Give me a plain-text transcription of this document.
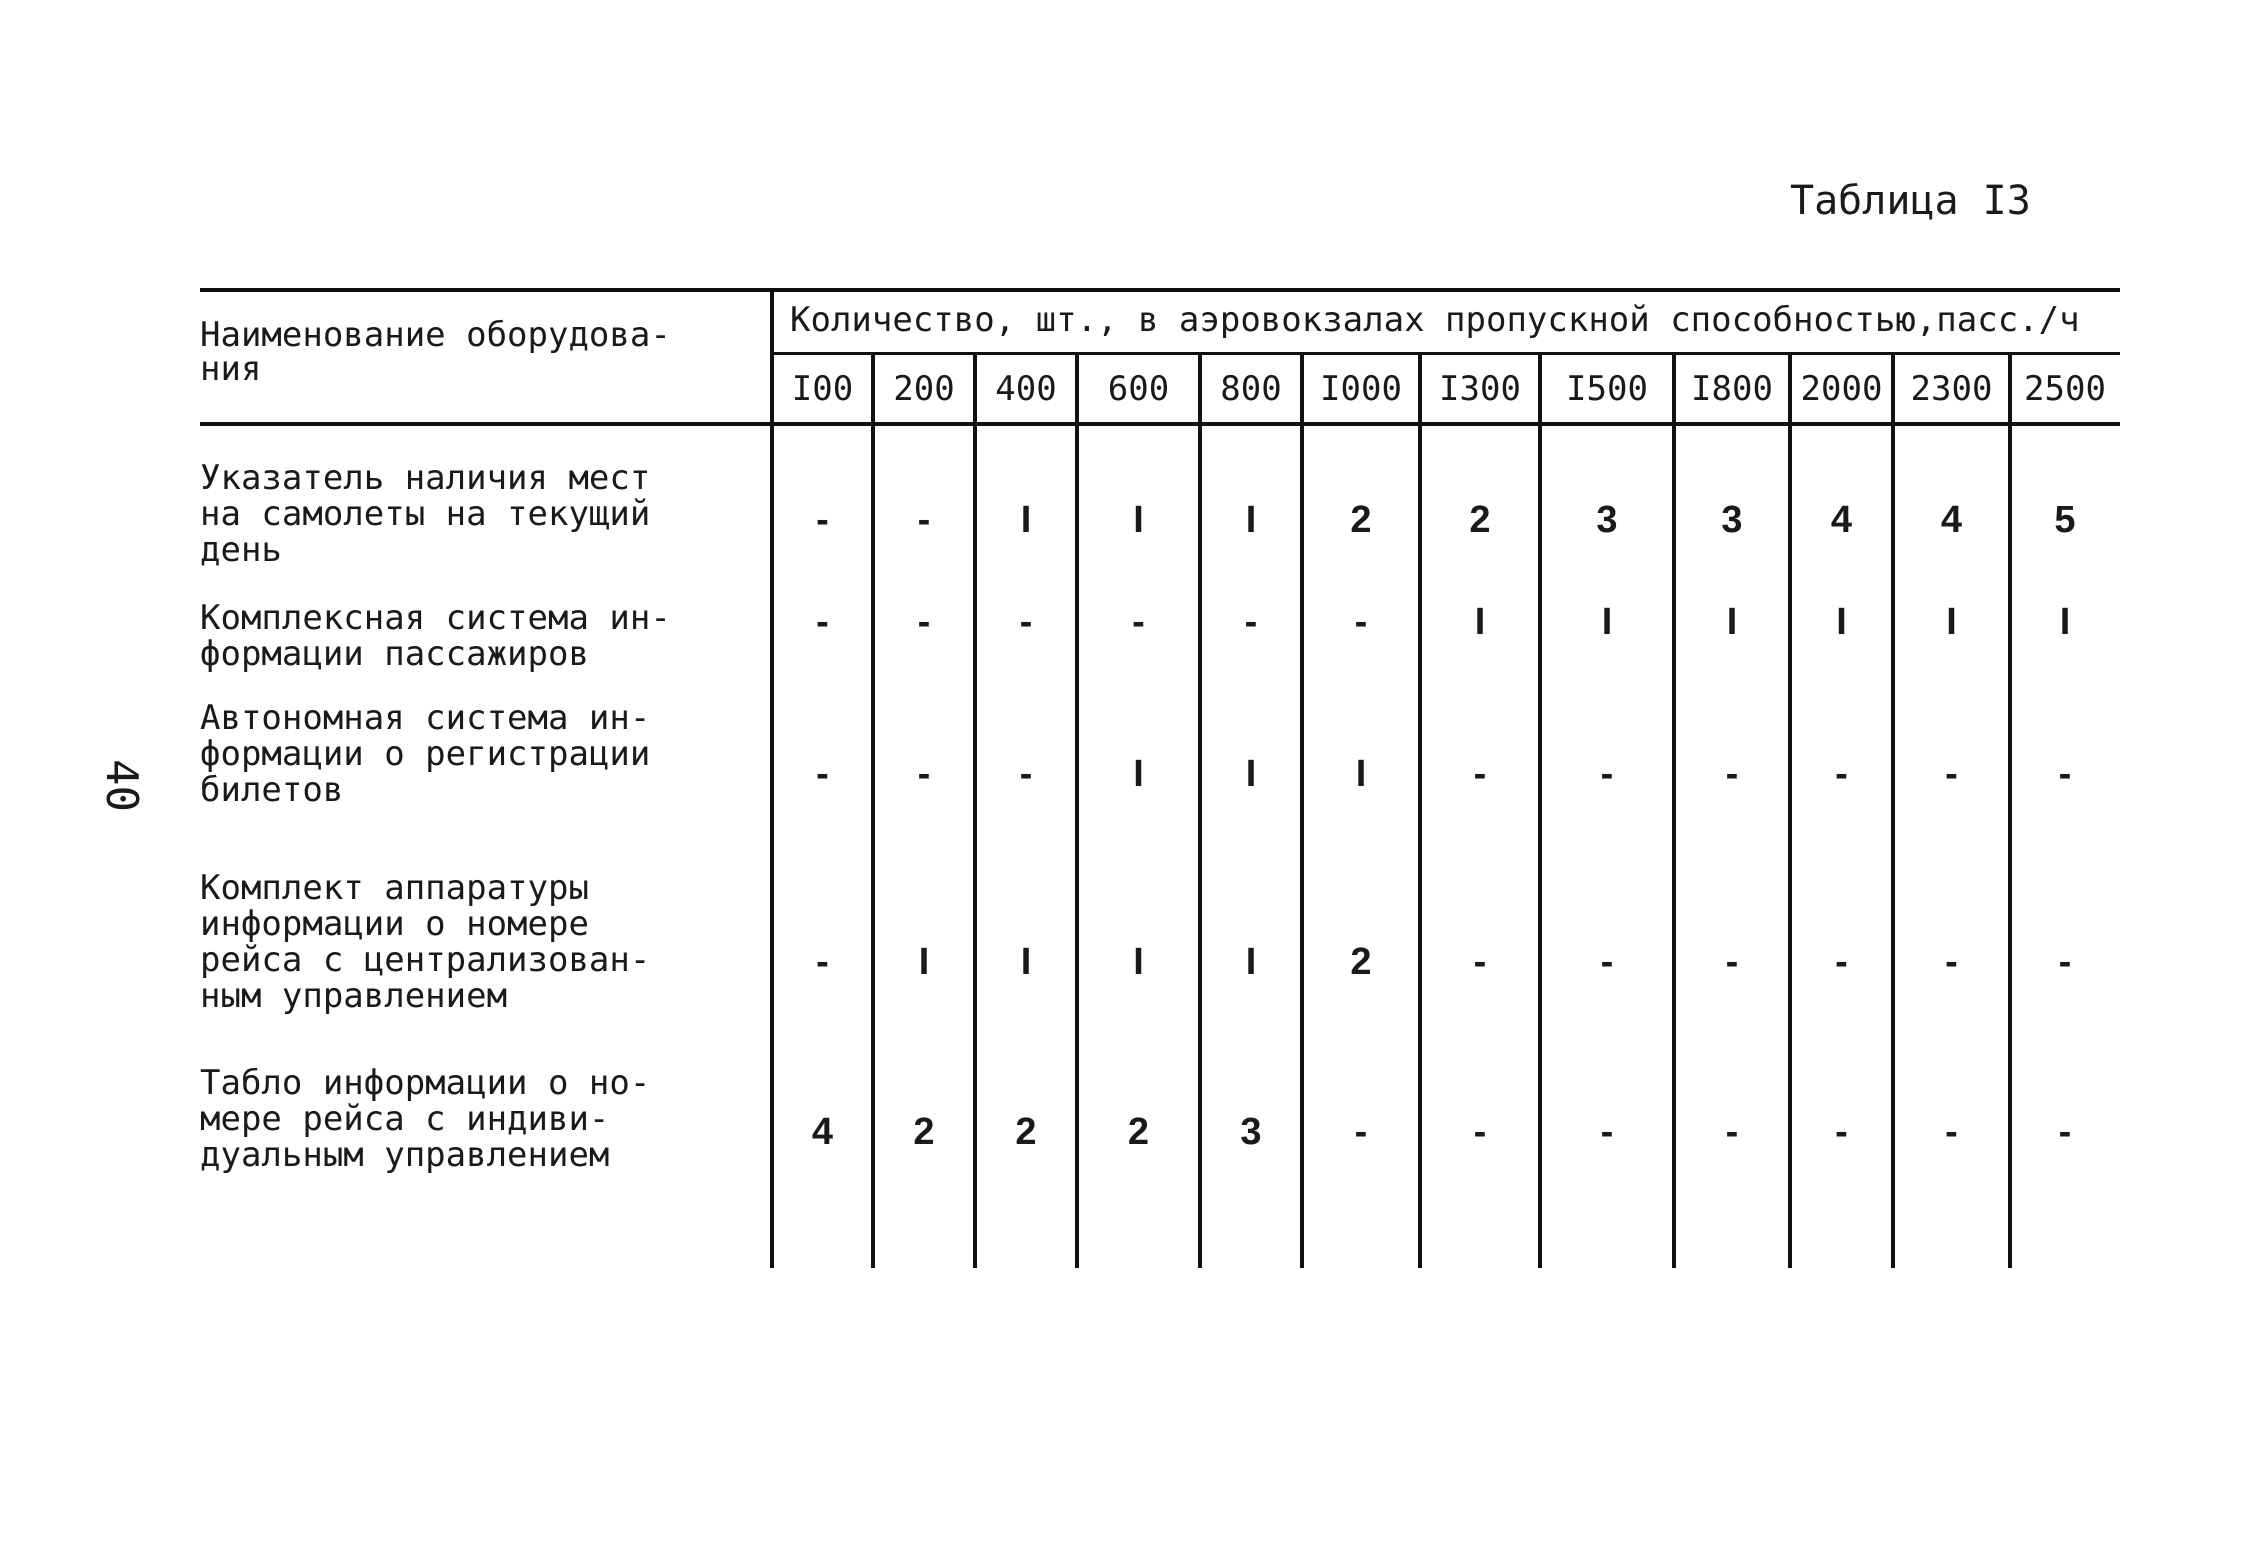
Таблица I3
40
Наименование оборудова-
ния
Количество, шт., в аэровокзалах пропускной способностью,пасс./ч
I00	200	400	600	800	I000	I300	I500	I800 2000 2300 2500
Указатель наличия мест
на самолеты на текущий
день
-	-	I	I	I	2	2	3	3	4	4	5
Комплексная система ин-
формации пассажиров
-	-	-	-	-	-	I	I	I	I	I	I
Автономная система ин-
формации о регистрации
билетов	-	-	-	I	I	I	-	-	-	-	-	-
Комплект аппаратуры
информации о номере
рейса с централизован-
ным управлением
-	I	I	I	I	2	-	-	-	-	-	-
Табло информации о но-
мере рейса с индиви-
дуальным управлением
4	2	2	2	3	-	-	-	-	-	-	-
